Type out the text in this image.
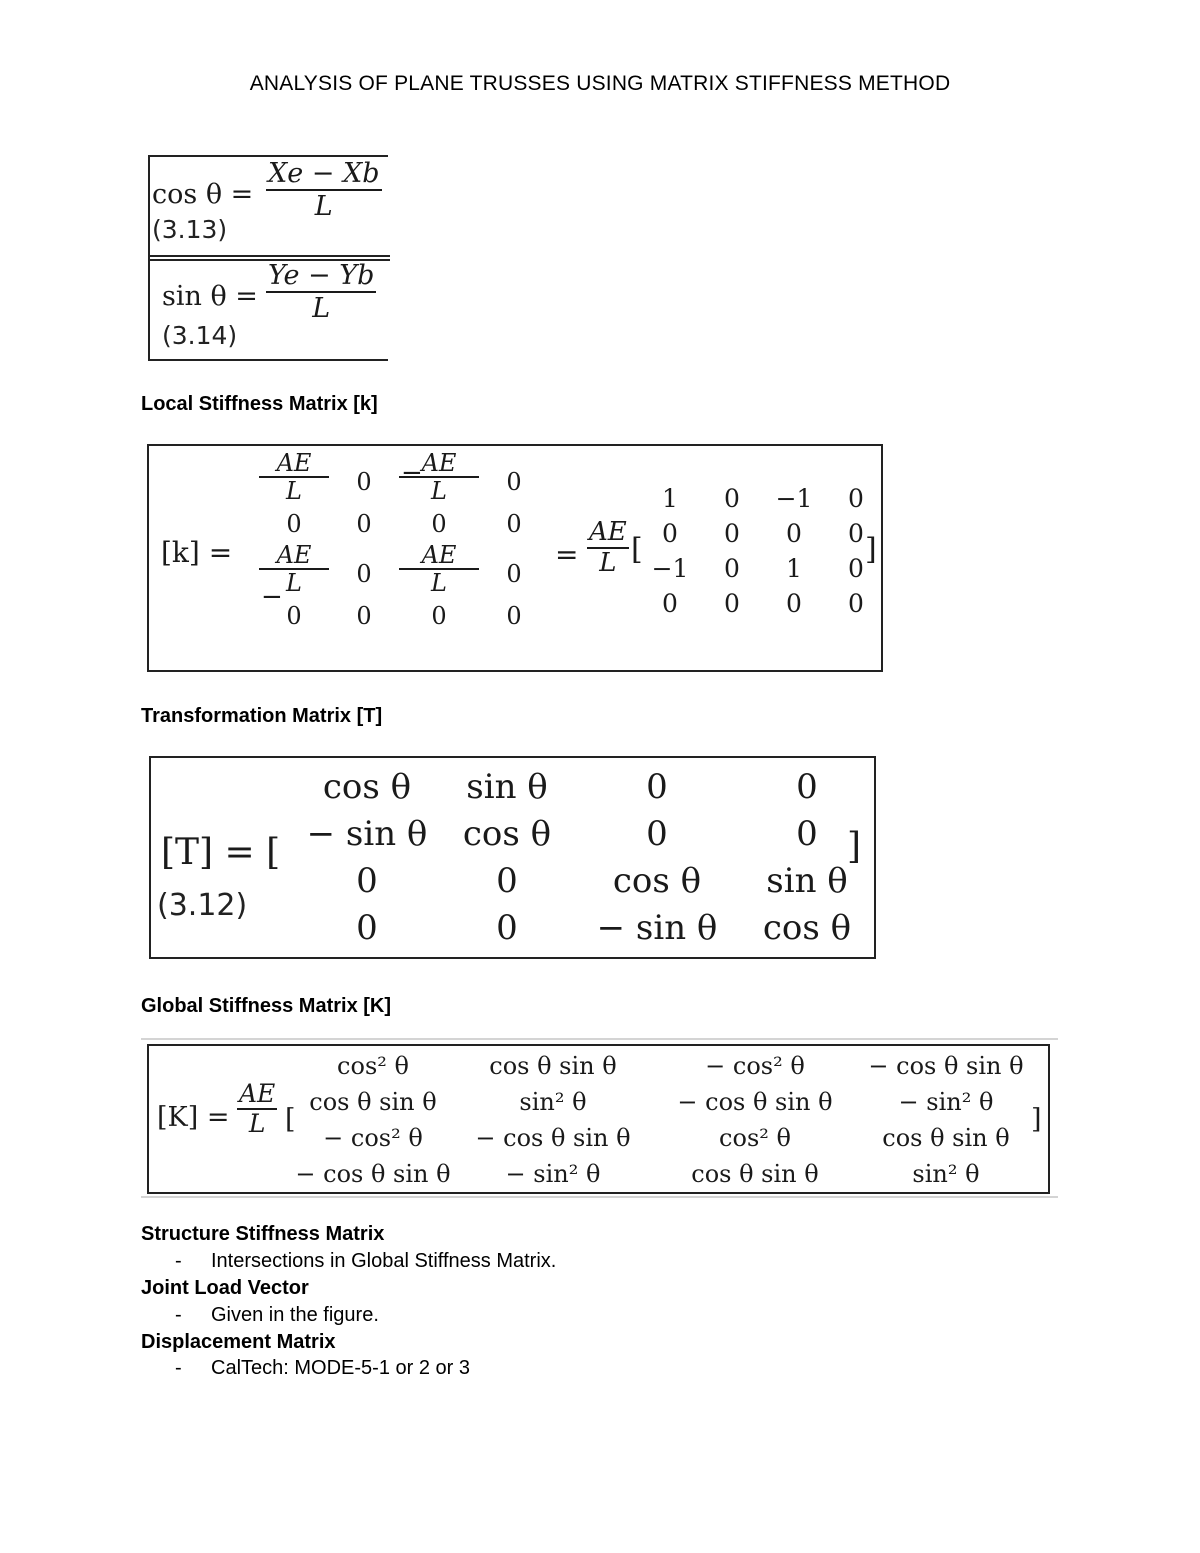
ANALYSIS OF PLANE TRUSSES USING MATRIX STIFFNESS METHOD
$\cos \theta = \frac{Xe - Xb}{L}$
(3.13)
$\sin \theta = \frac{Ye - Yb}{L}$
(3.14)
Local Stiffness Matrix [k]
[k] =
$\frac{AE}{L}$	0	$\frac{AE}{L}$	0
0	0	0	0
$\frac{AE}{L}$	0	$\frac{AE}{L}$	0
0	0	0	0
−
−
= $\frac{AE}{L}$ [	]
1	0	−1	0
0	0	0	0
−1	0	1	0
0	0	0	0
Transformation Matrix [T]
[T] = [
(3.12)
]
cos θ	sin θ	0	0
− sin θ	cos θ	0	0
0	0	cos θ	sin θ
0	0	− sin θ	cos θ
Global Stiffness Matrix [K]
$[K] = \frac{AE}{L}$ [	]
cos² θ	cos θ sin θ	− cos² θ	− cos θ sin θ
cos θ sin θ	sin² θ	− cos θ sin θ	− sin² θ
− cos² θ	− cos θ sin θ	cos² θ	cos θ sin θ
− cos θ sin θ	− sin² θ	cos θ sin θ	sin² θ
Structure Stiffness Matrix
- Intersections in Global Stiffness Matrix.
Joint Load Vector
- Given in the figure.
Displacement Matrix
- CalTech: MODE-5-1 or 2 or 3
